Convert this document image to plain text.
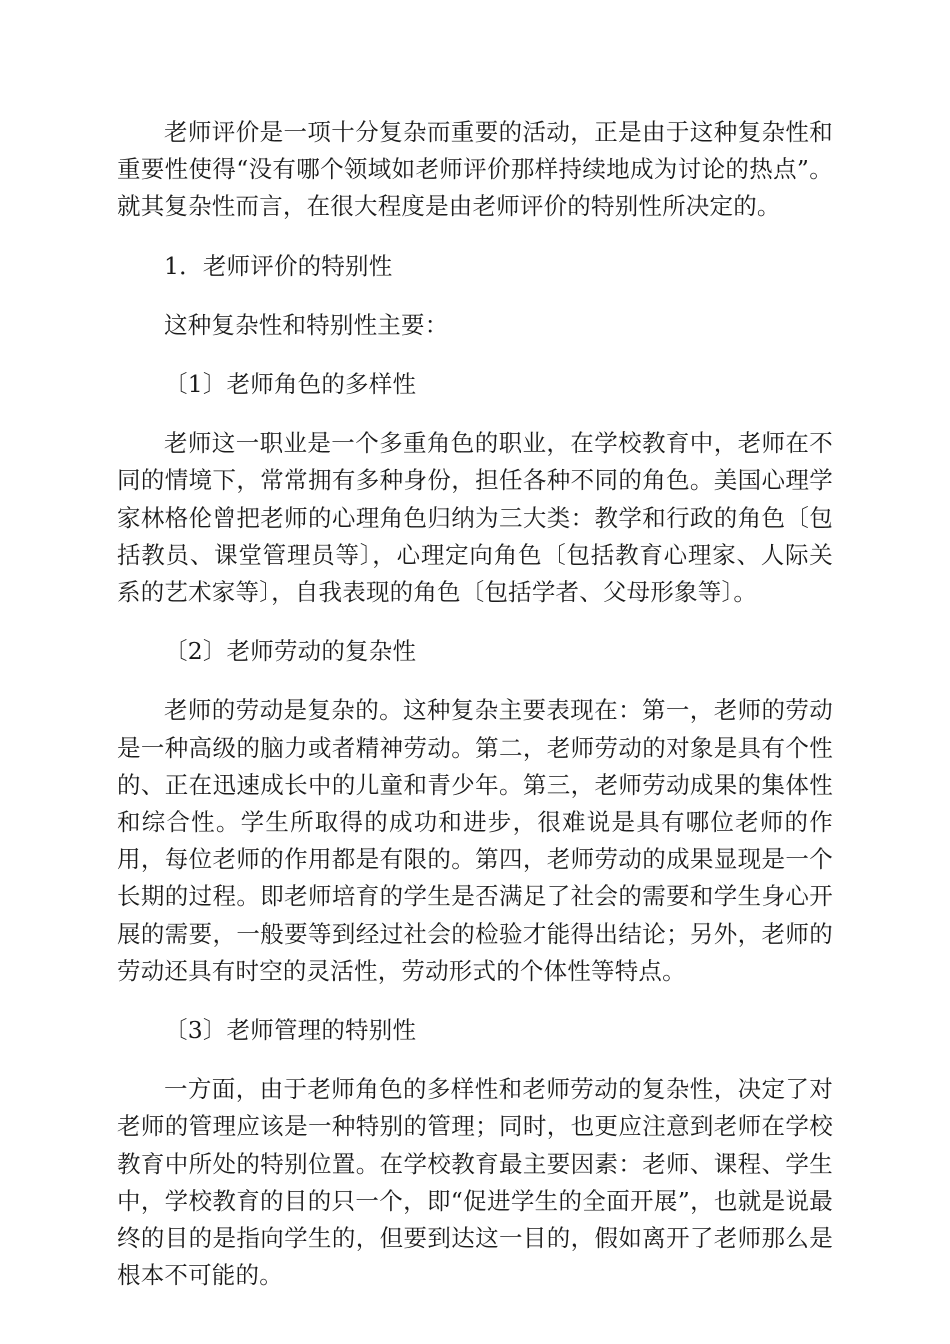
老师评价是一项十分复杂而重要的活动，正是由于这种复杂性和重要性使得“没有哪个领域如老师评价那样持续地成为讨论的热点”。就其复杂性而言，在很大程度是由老师评价的特别性所决定的。

1．老师评价的特别性

这种复杂性和特别性主要：

〔1〕老师角色的多样性

老师这一职业是一个多重角色的职业，在学校教育中，老师在不同的情境下，常常拥有多种身份，担任各种不同的角色。美国心理学家林格伦曾把老师的心理角色归纳为三大类：教学和行政的角色〔包括教员、课堂管理员等〕，心理定向角色〔包括教育心理家、人际关系的艺术家等〕，自我表现的角色〔包括学者、父母形象等〕。

〔2〕老师劳动的复杂性

老师的劳动是复杂的。这种复杂主要表现在：第一，老师的劳动是一种高级的脑力或者精神劳动。第二，老师劳动的对象是具有个性的、正在迅速成长中的儿童和青少年。第三，老师劳动成果的集体性和综合性。学生所取得的成功和进步，很难说是具有哪位老师的作用，每位老师的作用都是有限的。第四，老师劳动的成果显现是一个长期的过程。即老师培育的学生是否满足了社会的需要和学生身心开展的需要，一般要等到经过社会的检验才能得出结论；另外，老师的劳动还具有时空的灵活性，劳动形式的个体性等特点。

〔3〕老师管理的特别性

一方面，由于老师角色的多样性和老师劳动的复杂性，决定了对老师的管理应该是一种特别的管理；同时，也更应注意到老师在学校教育中所处的特别位置。在学校教育最主要因素：老师、课程、学生中，学校教育的目的只一个，即“促进学生的全面开展”，也就是说最终的目的是指向学生的，但要到达这一目的，假如离开了老师那么是根本不可能的。
